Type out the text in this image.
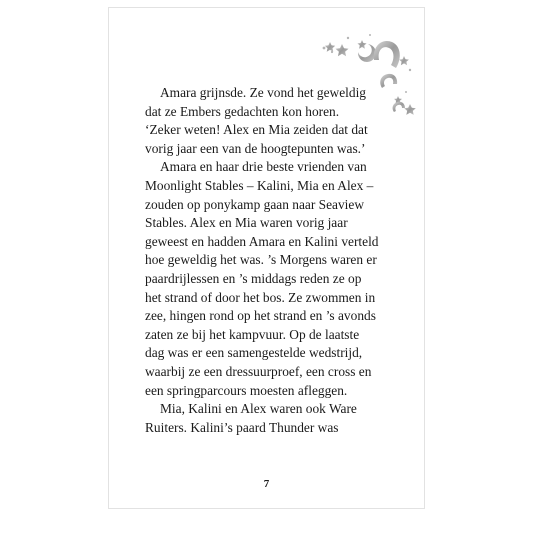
Amara grijnsde. Ze vond het geweldig
dat ze Embers gedachten kon horen.
‘Zeker weten! Alex en Mia zeiden dat dat
vorig jaar een van de hoogtepunten was.’
Amara en haar drie beste vrienden van
Moonlight Stables – Kalini, Mia en Alex –
zouden op ponykamp gaan naar Seaview
Stables. Alex en Mia waren vorig jaar
geweest en hadden Amara en Kalini verteld
hoe geweldig het was. ’s Morgens waren er
paardrijlessen en ’s middags reden ze op
het strand of door het bos. Ze zwommen in
zee, hingen rond op het strand en ’s avonds
zaten ze bij het kampvuur. Op de laatste
dag was er een samengestelde wedstrijd,
waarbij ze een dressuurproef, een cross en
een springparcours moesten afleggen.
Mia, Kalini en Alex waren ook Ware
Ruiters. Kalini’s paard Thunder was
7
